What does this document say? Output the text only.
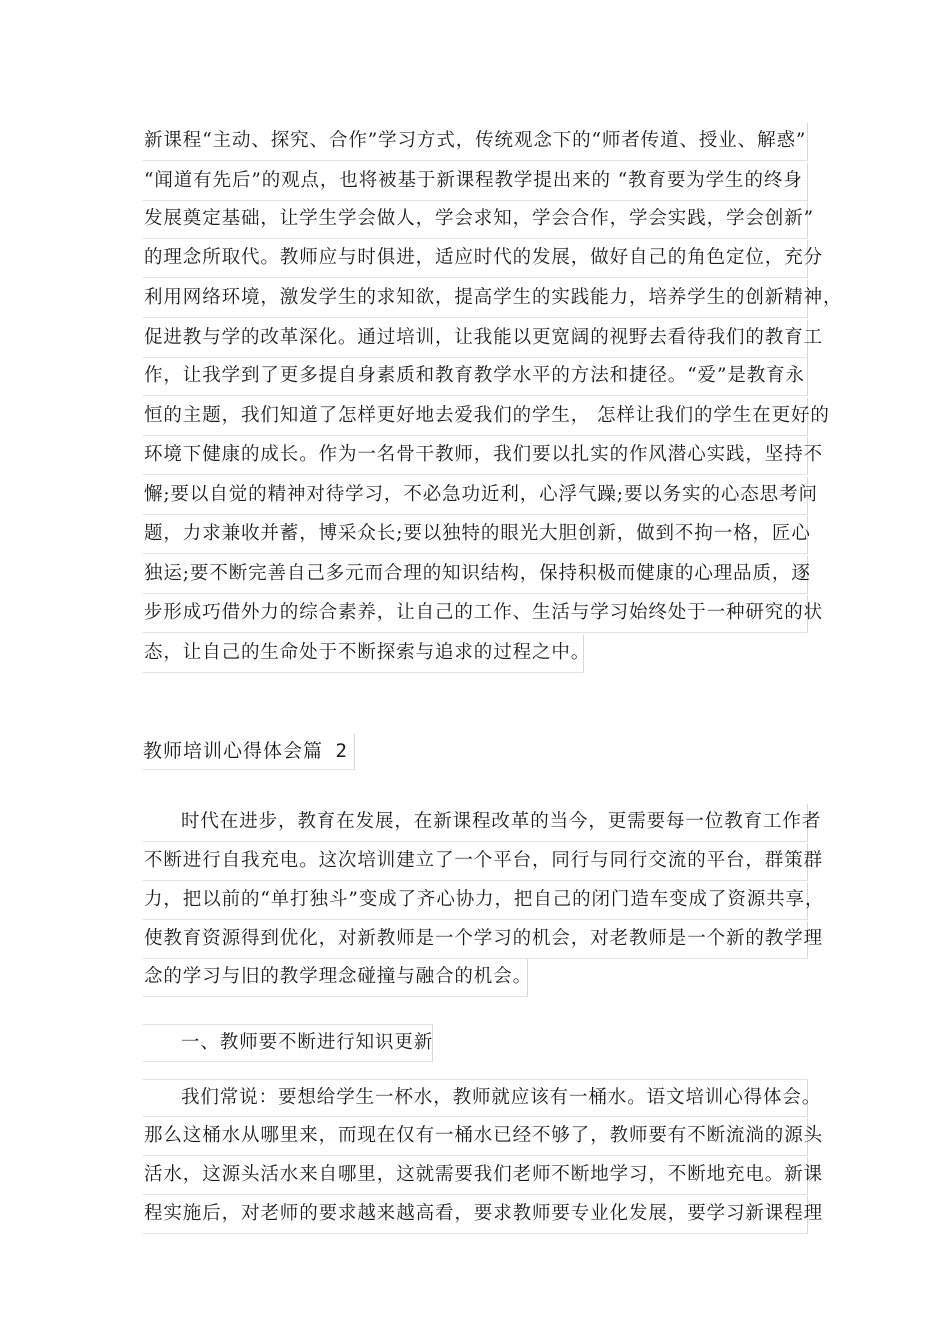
新课程“主动、探究、合作”学习方式，传统观念下的“师者传道、授业、解惑”
“闻道有先后”的观点，也将被基于新课程教学提出来的 “教育要为学生的终身
发展奠定基础，让学生学会做人，学会求知，学会合作，学会实践，学会创新”
的理念所取代。教师应与时俱进，适应时代的发展，做好自己的角色定位，充分
利用网络环境，激发学生的求知欲，提高学生的实践能力，培养学生的创新精神，
促进教与学的改革深化。通过培训，让我能以更宽阔的视野去看待我们的教育工
作，让我学到了更多提自身素质和教育教学水平的方法和捷径。“爱”是教育永
恒的主题，我们知道了怎样更好地去爱我们的学生， 怎样让我们的学生在更好的
环境下健康的成长。作为一名骨干教师，我们要以扎实的作风潜心实践，坚持不
懈;要以自觉的精神对待学习，不必急功近利，心浮气躁;要以务实的心态思考问
题，力求兼收并蓄，博采众长;要以独特的眼光大胆创新，做到不拘一格，匠心
独运;要不断完善自己多元而合理的知识结构，保持积极而健康的心理品质，逐
步形成巧借外力的综合素养，让自己的工作、生活与学习始终处于一种研究的状
态，让自己的生命处于不断探索与追求的过程之中。
教师培训心得体会篇 2
时代在进步，教育在发展，在新课程改革的当今，更需要每一位教育工作者
不断进行自我充电。这次培训建立了一个平台，同行与同行交流的平台，群策群
力，把以前的“单打独斗”变成了齐心协力，把自己的闭门造车变成了资源共享，
使教育资源得到优化，对新教师是一个学习的机会，对老教师是一个新的教学理
念的学习与旧的教学理念碰撞与融合的机会。
一、教师要不断进行知识更新
我们常说：要想给学生一杯水，教师就应该有一桶水。语文培训心得体会。
那么这桶水从哪里来，而现在仅有一桶水已经不够了，教师要有不断流淌的源头
活水，这源头活水来自哪里，这就需要我们老师不断地学习，不断地充电。新课
程实施后，对老师的要求越来越高看，要求教师要专业化发展，要学习新课程理
